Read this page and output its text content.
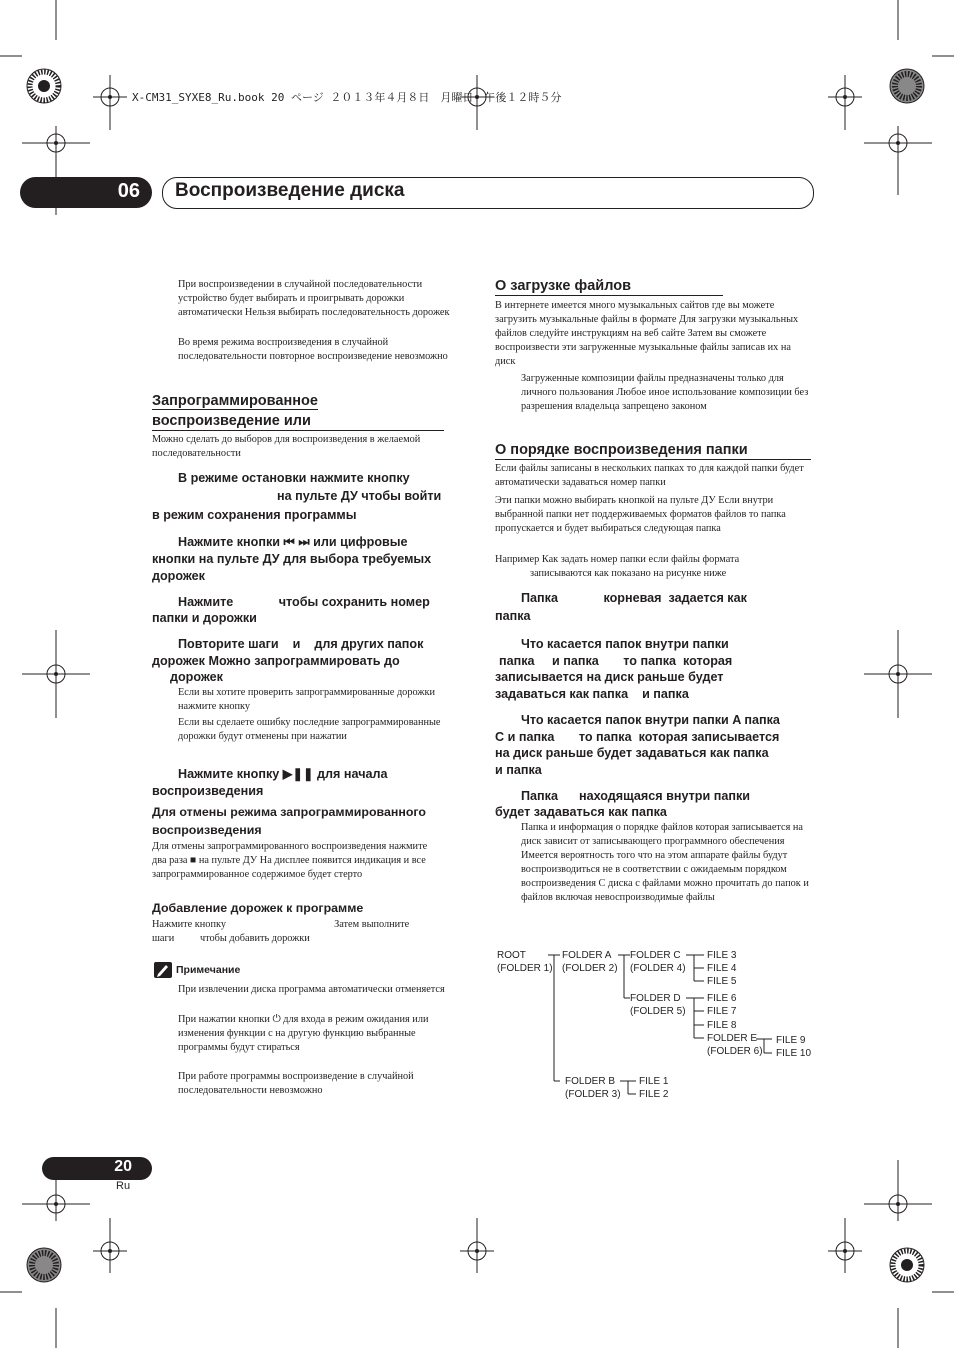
X-CM31_SYXE8_Ru.book 20 ページ ２０１３年４月８日　月曜日　午後１２時５分
06 Воспроизведение диска
При воспроизведении в случайной последовательности устройство будет выбирать и проигрывать дорожки автоматически Нельзя выбирать последовательность дорожек
Во время режима воспроизведения в случайной последовательности повторное воспроизведение невозможно
Запрограммированное
воспроизведение или
Можно сделать до выборов для воспроизведения в желаемой последовательности
В режиме остановки нажмите кнопку
на пульте ДУ чтобы войти
в режим сохранения программы
Нажмите кнопки ⏮ ⏭ или цифровые
кнопки на пульте ДУ для выбора требуемых
дорожек
Нажмите             чтобы сохранить номер
папки и дорожки
Повторите шаги    и    для других папок
дорожек Можно запрограммировать до
дорожек
Если вы хотите проверить запрограммированные дорожки нажмите кнопку
Если вы сделаете ошибку последние запрограммированные дорожки будут отменены при нажатии
Нажмите кнопку ▶❚❚ для начала
воспроизведения
Для отмены режима запрограммированного воспроизведения
Для отмены запрограммированного воспроизведения нажмите два раза ■ на пульте ДУ На дисплее появится индикация и все запрограммированное содержимое будет стерто
Добавление дорожек к программе
Нажмите кнопку                                          Затем выполните
шаги          чтобы добавить дорожки
Примечание
При извлечении диска программа автоматически отменяется
При нажатии кнопки ⏻ для входа в режим ожидания или изменения функции с на другую функцию выбранные программы будут стираться
При работе программы воспроизведение в случайной последовательности невозможно
О загрузке файлов
В интернете имеется много музыкальных сайтов где вы можете загрузить музыкальные файлы в формате Для загрузки музыкальных файлов следуйте инструкциям на веб сайте Затем вы сможете воспроизвести эти загруженные музыкальные файлы записав их на диск
Загруженные композиции файлы предназначены только для личного пользования Любое иное использование композиции без разрешения владельца запрещено законом
О порядке воспроизведения папки
Если файлы записаны в нескольких папках то для каждой папки будет автоматически задаваться номер папки
Эти папки можно выбирать кнопкой на пульте ДУ Если внутри выбранной папки нет поддерживаемых форматов файлов то папка пропускается и будет выбираться следующая папка
Например Как задать номер папки если файлы формата
записываются как показано на рисунке ниже
Папка             корневая  задается как
папка
Что касается папок внутри папки
папка     и папка       то папка  которая
записывается на диск раньше будет
задаваться как папка    и папка
Что касается папок внутри папки A папка
C и папка       то папка  которая записывается
на диск раньше будет задаваться как папка
и папка
Папка      находящаяся внутри папки
будет задаваться как папка
Папка и информация о порядке файлов которая записывается на диск зависит от записывающего программного обеспечения Имеется вероятность того что на этом аппарате файлы будут воспроизводиться не в соответствии с ожидаемым порядком воспроизведения С диска с файлами можно прочитать до папок и файлов включая невоспроизводимые файлы
ROOT
(FOLDER 1)
FOLDER A
(FOLDER 2)
FOLDER C
(FOLDER 4)
FOLDER D
(FOLDER 5)
FOLDER E
(FOLDER 6)
FOLDER B
(FOLDER 3)
FILE 3
FILE 4
FILE 5
FILE 6
FILE 7
FILE 8
FILE 9
FILE 10
FILE 1
FILE 2
20
Ru
